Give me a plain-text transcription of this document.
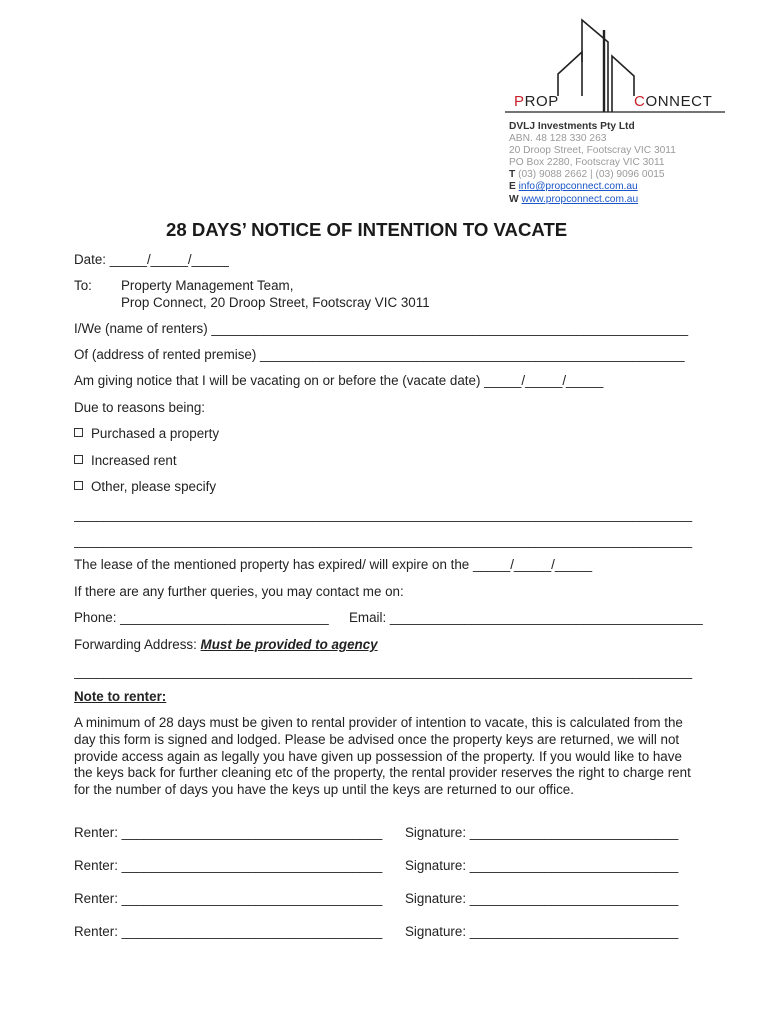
PROP	CONNECT
DVLJ Investments Pty Ltd
ABN. 48 128 330 263
20 Droop Street, Footscray VIC 3011
PO Box 2280, Footscray VIC 3011
T (03) 9088 2662 | (03) 9096 0015
E info@propconnect.com.au
W www.propconnect.com.au
28 DAYS’ NOTICE OF INTENTION TO VACATE
Date: _____/_____/_____
To: Property Management Team,
Prop Connect, 20 Droop Street, Footscray VIC 3011
I/We (name of renters) ________________________________________________________________
Of (address of rented premise) _________________________________________________________
Am giving notice that I will be vacating on or before the (vacate date) _____/_____/_____
Due to reasons being:
Purchased a property
Increased rent
Other, please specify
___________________________________________________________________________________
___________________________________________________________________________________
The lease of the mentioned property has expired/ will expire on the _____/_____/_____
If there are any further queries, you may contact me on:
Phone: ____________________________ Email: __________________________________________
Forwarding Address: Must be provided to agency
___________________________________________________________________________________
Note to renter:
A minimum of 28 days must be given to rental provider of intention to vacate, this is calculated from the day this form is signed and lodged. Please be advised once the property keys are returned, we will not provide access again as legally you have given up possession of the property. If you would like to have the keys back for further cleaning etc of the property, the rental provider reserves the right to charge rent for the number of days you have the keys up until the keys are returned to our office.
Renter: ___________________________________ Signature: ____________________________
Renter: ___________________________________ Signature: ____________________________
Renter: ___________________________________ Signature: ____________________________
Renter: ___________________________________ Signature: ____________________________
